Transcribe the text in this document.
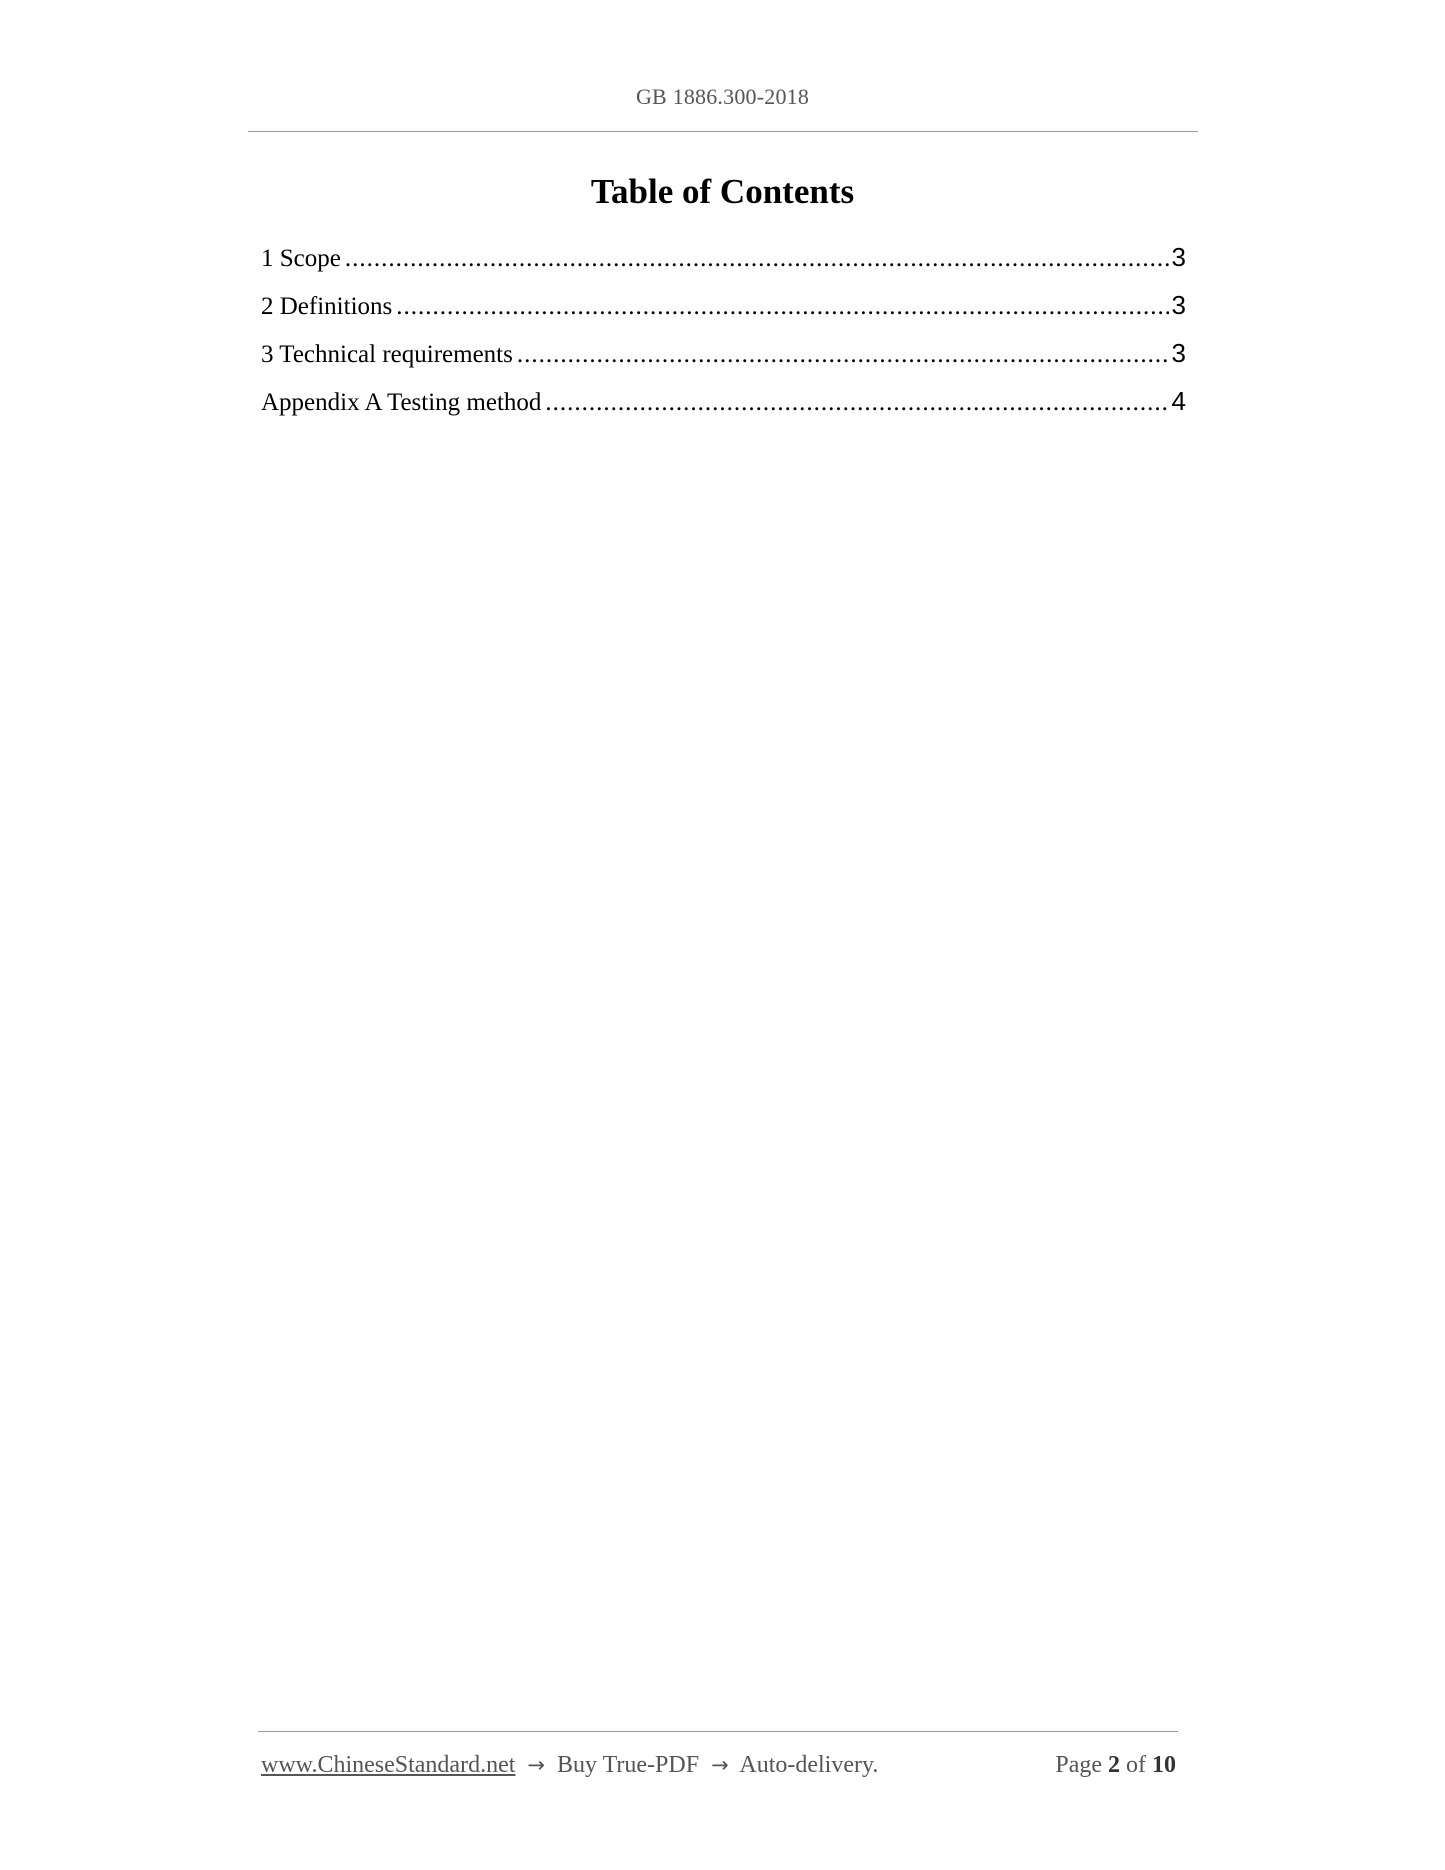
GB 1886.300-2018
Table of Contents
1 Scope .....	3
2 Definitions .....	3
3 Technical requirements .....	3
Appendix A Testing method .....	4
www.ChineseStandard.net → Buy True-PDF → Auto-delivery.	Page 2 of 10
